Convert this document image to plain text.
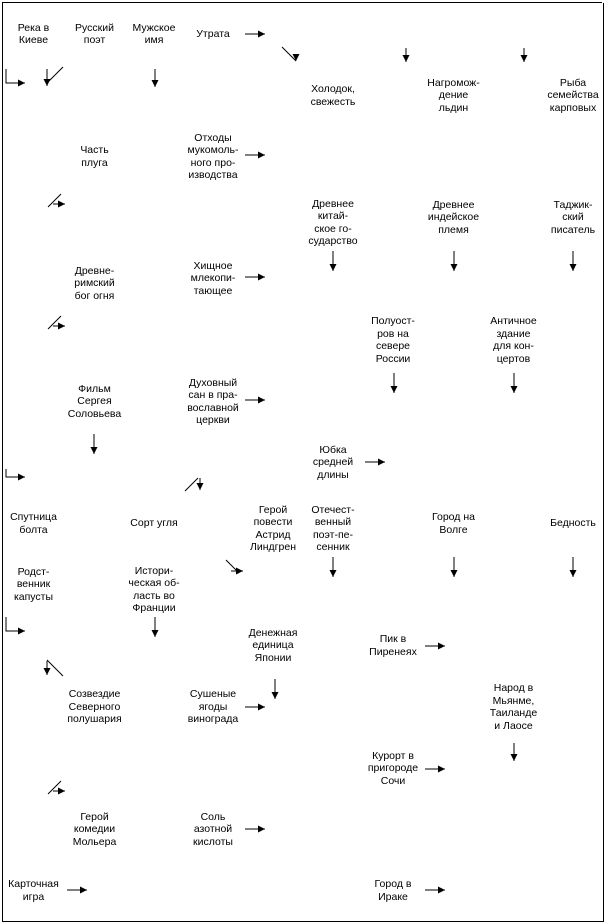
Река в
Киеве
Русский
поэт
Мужское
имя
Утрата
Холодок,
свежесть
Нагромож-
дение
льдин
Рыба
семейства
карповых
Часть
плуга
Отходы
мукомоль-
ного про-
изводства
Древнее
китай-
ское го-
сударство
Древнее
индейское
племя
Таджик-
ский
писатель
Древне-
римский
бог огня
Хищное
млекопи-
тающее
Полуост-
ров на
севере
России
Античное
здание
для кон-
цертов
Фильм
Сергея
Соловьева
Духовный
сан в пра-
вославной
церкви
Юбка
средней
длины
Спутница
болта
Сорт угля
Герой
повести
Астрид
Линдгрен
Отечест-
венный
поэт-пе-
сенник
Город на
Волге
Бедность
Родст-
венник
капусты
Истори-
ческая об-
ласть во
Франции
Денежная
единица
Японии
Пик в
Пиренеях
Созвездие
Северного
полушария
Сушеные
ягоды
винограда
Народ в
Мьянме,
Таиланде
и Лаосе
Курорт в
пригороде
Сочи
Герой
комедии
Мольера
Соль
азотной
кислоты
Карточная
игра
Город в
Ираке
